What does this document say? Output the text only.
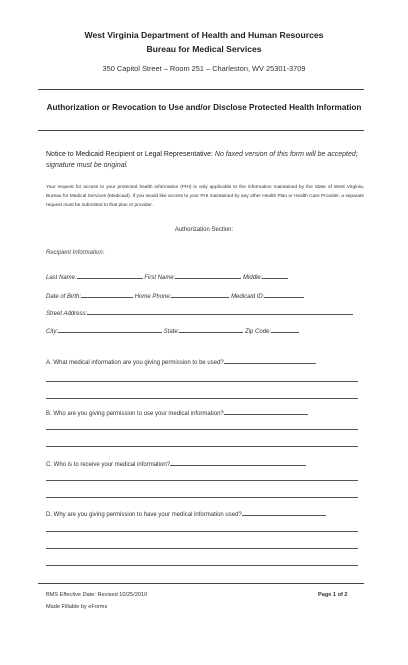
West Virginia Department of Health and Human Resources
Bureau for Medical Services
350 Capitol Street – Room 251 – Charleston, WV 25301-3709
Authorization or Revocation to Use and/or Disclose Protected Health Information
Notice to Medicaid Recipient or Legal Representative: No faxed version of this form will be accepted; signature must be original.
Your request for access to your protected health information (PHI) is only applicable to the information maintained by the State of West Virginia, Bureau for Medical Services (Medicaid). If you would like access to your PHI maintained by any other Health Plan or Health Care Provider, a separate request must be submitted to that plan or provider.
Authorization Section:
Recipient Information:
Last Name:	First Name:	Middle:
Date of Birth:	Home Phone:	Medicaid ID:
Street Address:
City:	State:	Zip Code:
A. What medical information are you giving permission to be used?
B. Who are you giving permission to use your medical information?
C. Who is to receive your medical information?
D. Why are you giving permission to have your medical information used?
BMS Effective Date: Revised 10/25/2010
Made Fillable by eForms
Page 1 of 2
